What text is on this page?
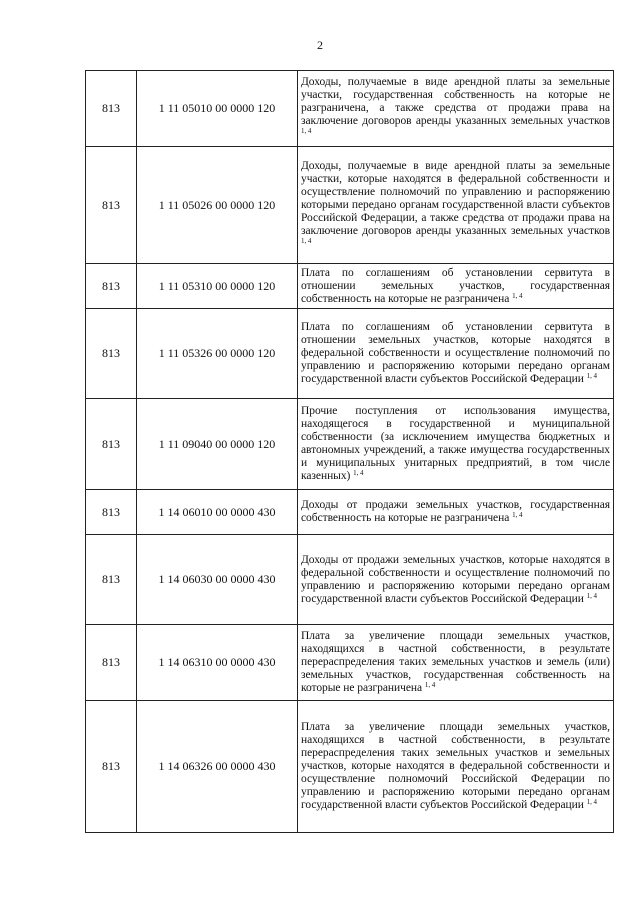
2
813	1 11 05010 00 0000 120	Доходы, получаемые в виде арендной платы за земельные участки, государственная собственность на которые не разграничена, а также средства от продажи права на заключение договоров аренды указанных земельных участков $^{1, 4}$
813	1 11 05026 00 0000 120	Доходы, получаемые в виде арендной платы за земельные участки, которые находятся в федеральной собственности и осуществление полномочий по управлению и распоряжению которыми передано органам государственной власти субъектов Российской Федерации, а также средства от продажи права на заключение договоров аренды указанных земельных участков $^{1, 4}$
813	1 11 05310 00 0000 120	Плата по соглашениям об установлении сервитута в отношении земельных участков, государственная собственность на которые не разграничена $^{1, 4}$
813	1 11 05326 00 0000 120	Плата по соглашениям об установлении сервитута в отношении земельных участков, которые находятся в федеральной собственности и осуществление полномочий по управлению и распоряжению которыми передано органам государственной власти субъектов Российской Федерации $^{1, 4}$
813	1 11 09040 00 0000 120	Прочие поступления от использования имущества, находящегося в государственной и муниципальной собственности (за исключением имущества бюджетных и автономных учреждений, а также имущества государственных и муниципальных унитарных предприятий, в том числе казенных) $^{1, 4}$
813	1 14 06010 00 0000 430	Доходы от продажи земельных участков, государственная собственность на которые не разграничена $^{1, 4}$
813	1 14 06030 00 0000 430	Доходы от продажи земельных участков, которые находятся в федеральной собственности и осуществление полномочий по управлению и распоряжению которыми передано органам государственной власти субъектов Российской Федерации $^{1, 4}$
813	1 14 06310 00 0000 430	Плата за увеличение площади земельных участков, находящихся в частной собственности, в результате перераспределения таких земельных участков и земель (или) земельных участков, государственная собственность на которые не разграничена $^{1, 4}$
813	1 14 06326 00 0000 430	Плата за увеличение площади земельных участков, находящихся в частной собственности, в результате перераспределения таких земельных участков и земельных участков, которые находятся в федеральной собственности и осуществление полномочий Российской Федерации по управлению и распоряжению которыми передано органам государственной власти субъектов Российской Федерации $^{1, 4}$
